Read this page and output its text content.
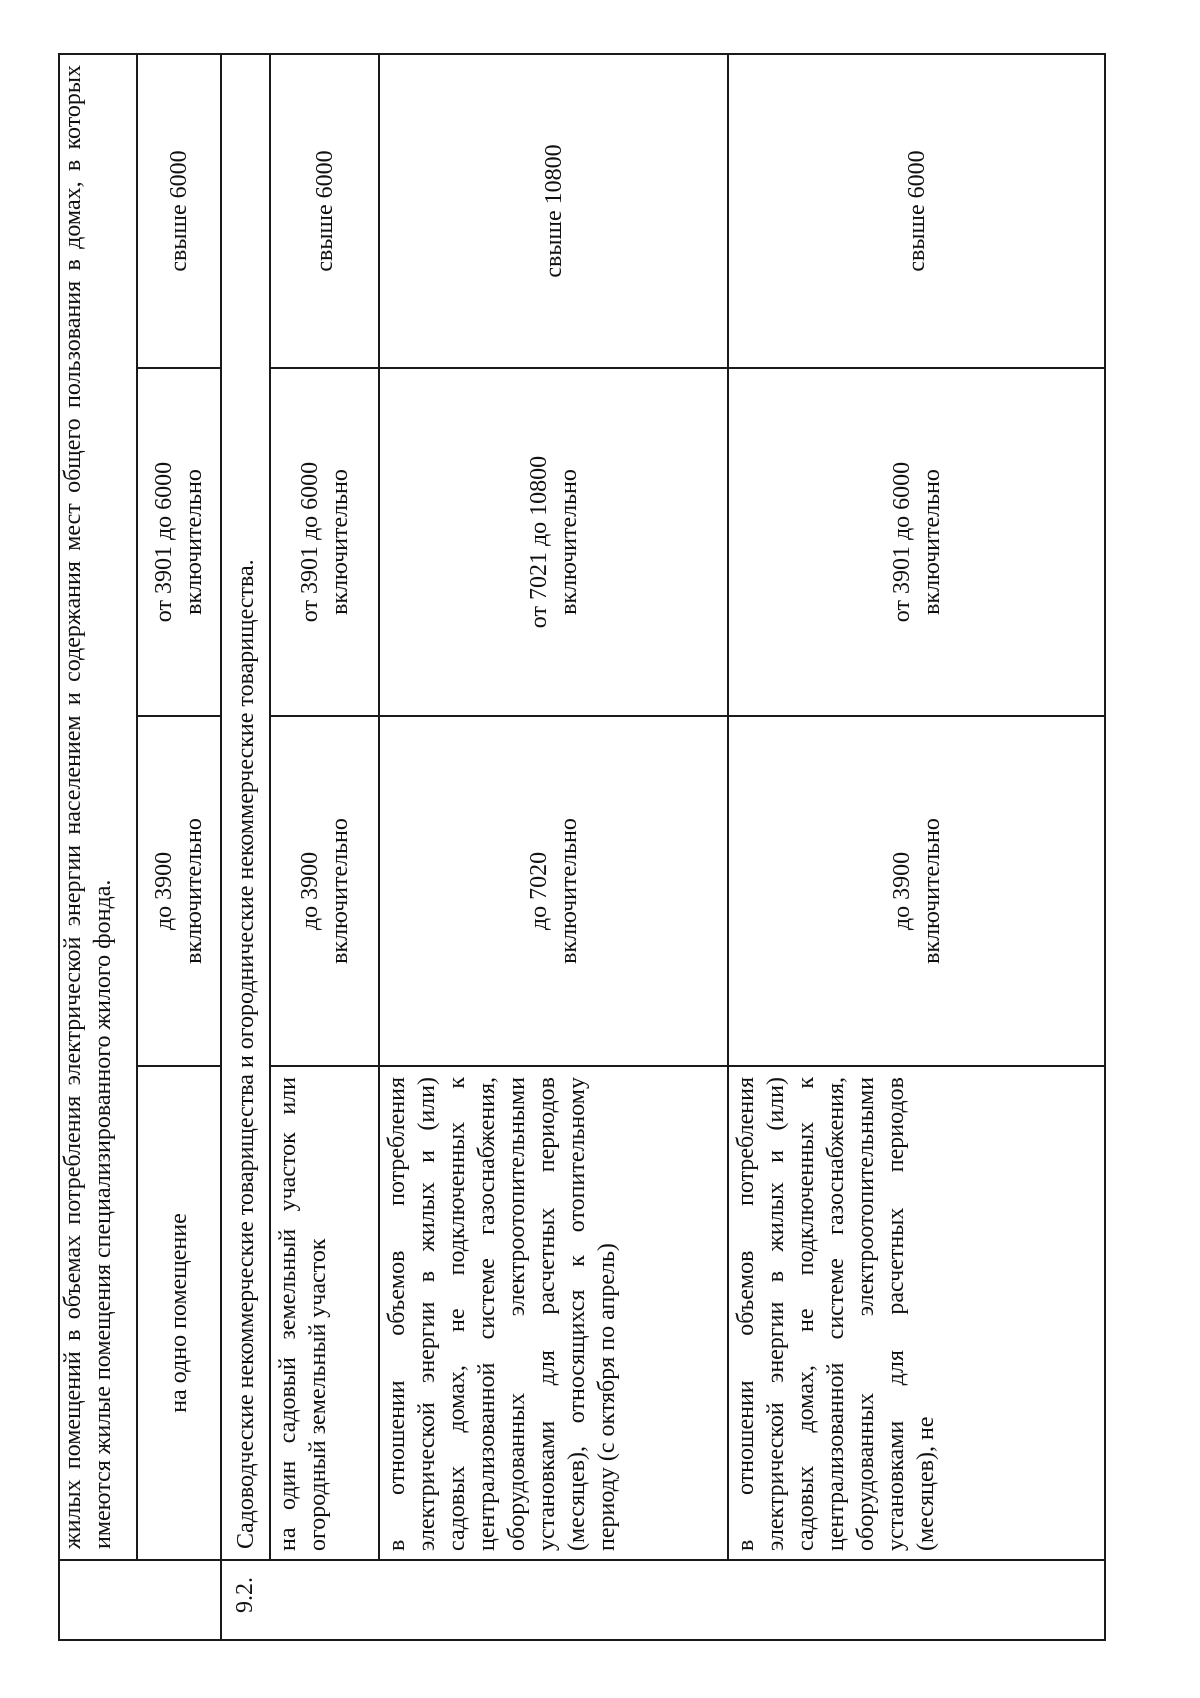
жилых помещений в объемах потребления электрической энергии населением и содержания мест общего пользования в домах, в которых имеются жилые помещения специализированного жилого фонда.	на одно помещение
до 3900 включительно
от 3901 до 6000 включительно
свыше 6000
9.2.
Садоводческие некоммерческие товарищества и огороднические некоммерческие товарищества. на один садовый земельный участок или огородный земельный участок
до 3900 включительно
от 3901 до 6000 включительно
свыше 6000
в отношении объемов потребления электрической энергии в жилых и (или) садовых домах, не подключенных к централизованной системе газоснабжения, оборудованных электроотопительными установками для расчетных периодов (месяцев), относящихся к отопительному периоду (с октября по апрель)
до 7020 включительно
от 7021 до 10800 включительно
свыше 10800
в отношении объемов потребления электрической энергии в жилых и (или) садовых домах, не подключенных к централизованной системе газоснабжения, оборудованных электроотопительными установками для расчетных периодов (месяцев), не
до 3900 включительно
от 3901 до 6000 включительно
свыше 6000
